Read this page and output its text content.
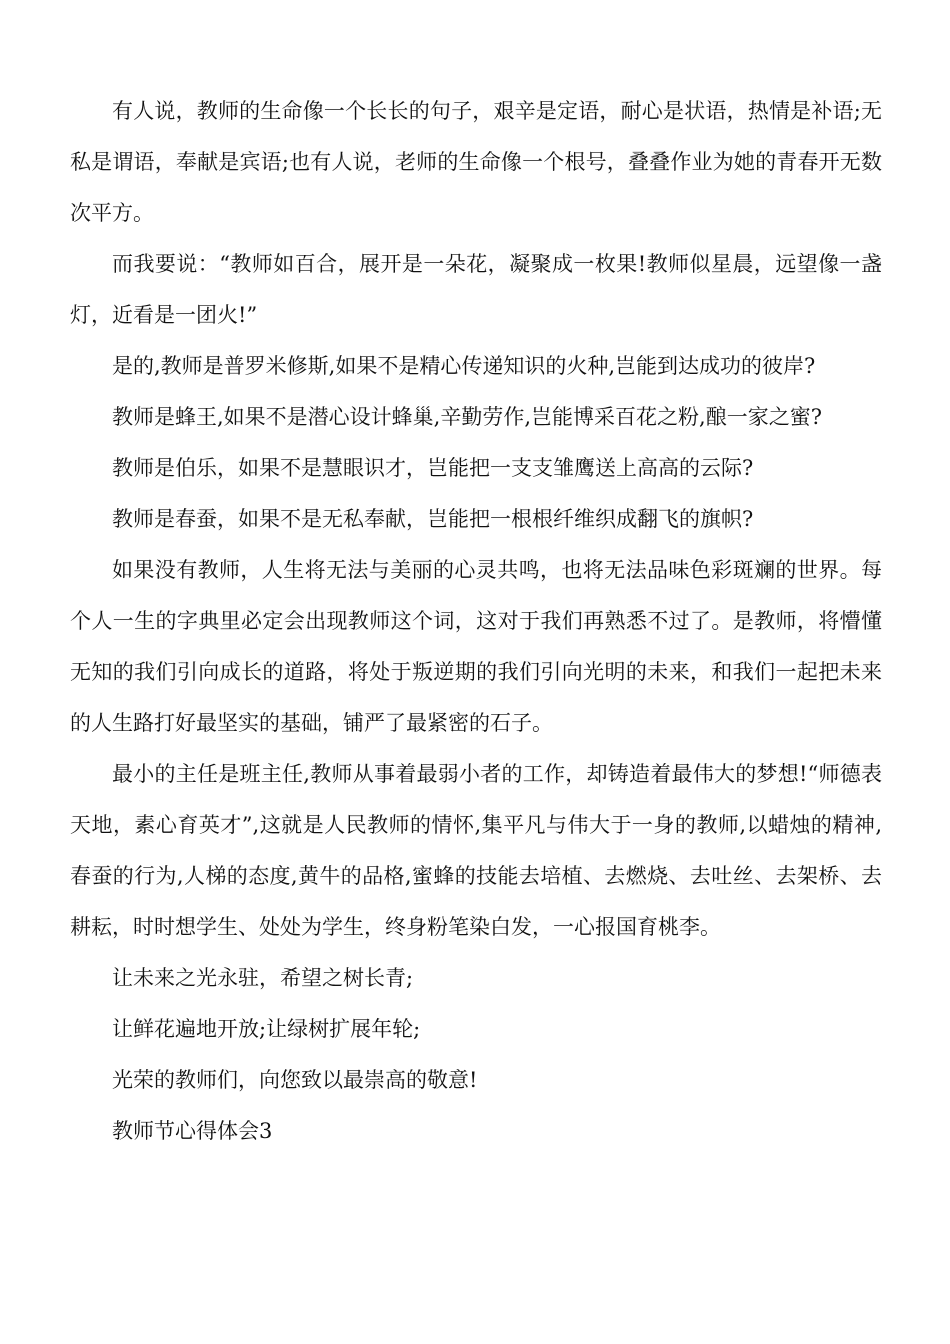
有人说，教师的生命像一个长长的句子，艰辛是定语，耐心是状语，热情是补语;无私是谓语，奉献是宾语;也有人说，老师的生命像一个根号，叠叠作业为她的青春开无数次平方。

而我要说：“教师如百合，展开是一朵花，凝聚成一枚果!教师似星晨，远望像一盏灯，近看是一团火!”

是的,教师是普罗米修斯,如果不是精心传递知识的火种,岂能到达成功的彼岸?

教师是蜂王,如果不是潜心设计蜂巢,辛勤劳作,岂能博采百花之粉,酿一家之蜜?

教师是伯乐，如果不是慧眼识才，岂能把一支支雏鹰送上高高的云际?

教师是春蚕，如果不是无私奉献，岂能把一根根纤维织成翻飞的旗帜?

如果没有教师，人生将无法与美丽的心灵共鸣，也将无法品味色彩斑斓的世界。每个人一生的字典里必定会出现教师这个词，这对于我们再熟悉不过了。是教师，将懵懂无知的我们引向成长的道路，将处于叛逆期的我们引向光明的未来，和我们一起把未来的人生路打好最坚实的基础，铺严了最紧密的石子。

最小的主任是班主任,教师从事着最弱小者的工作，却铸造着最伟大的梦想!“师德表天地，素心育英才”,这就是人民教师的情怀,集平凡与伟大于一身的教师,以蜡烛的精神,春蚕的行为,人梯的态度,黄牛的品格,蜜蜂的技能去培植、去燃烧、去吐丝、去架桥、去耕耘，时时想学生、处处为学生，终身粉笔染白发，一心报国育桃李。

让未来之光永驻，希望之树长青;

让鲜花遍地开放;让绿树扩展年轮;

光荣的教师们，向您致以最崇高的敬意!

教师节心得体会3
